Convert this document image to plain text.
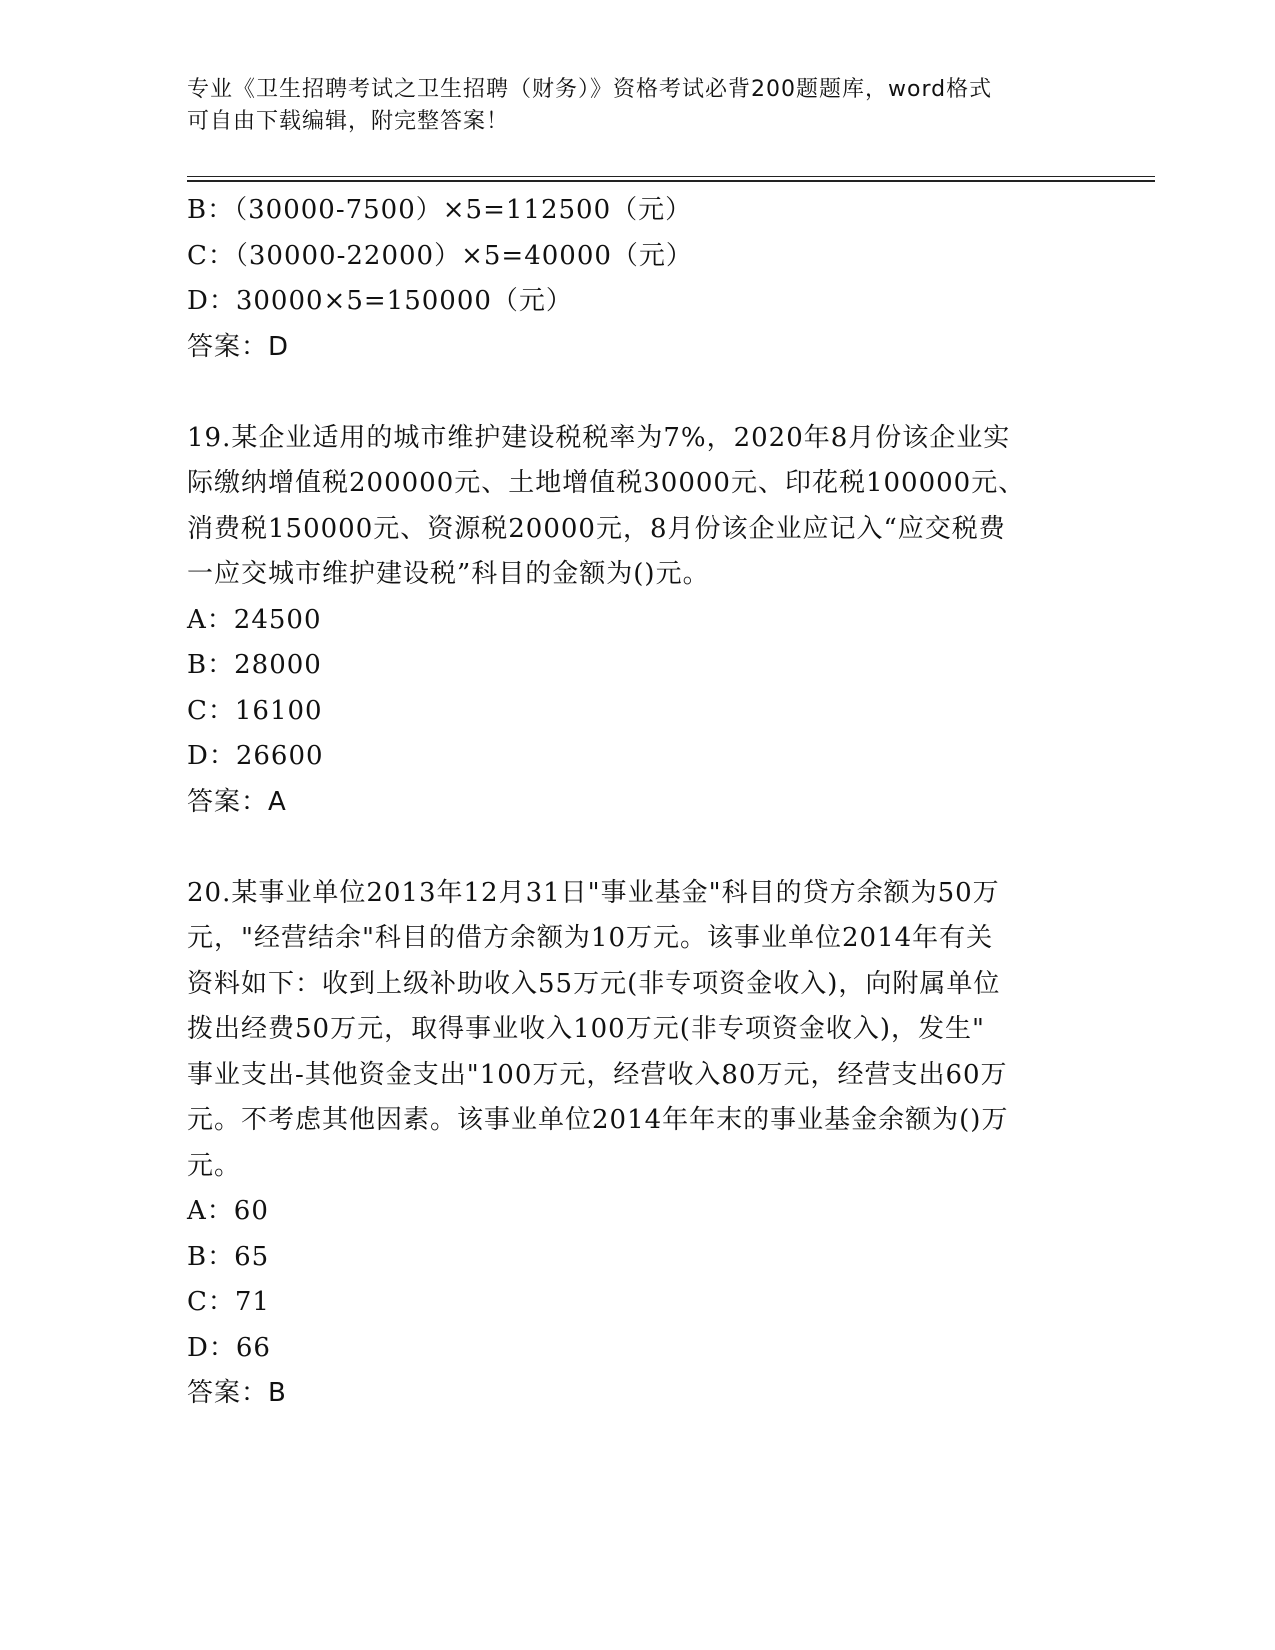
专业《卫生招聘考试之卫生招聘（财务）》资格考试必背200题题库，word格式
可自由下载编辑，附完整答案！
B：（30000-7500）×5=112500（元）
C：（30000-22000）×5=40000（元）
D：30000×5=150000（元）
答案：D
19.某企业适用的城市维护建设税税率为7%，2020年8月份该企业实
际缴纳增值税200000元、土地增值税30000元、印花税100000元、
消费税150000元、资源税20000元，8月份该企业应记入“应交税费
一应交城市维护建设税”科目的金额为()元。
A：24500
B：28000
C：16100
D：26600
答案：A
20.某事业单位2013年12月31日"事业基金"科目的贷方余额为50万
元，"经营结余"科目的借方余额为10万元。该事业单位2014年有关
资料如下：收到上级补助收入55万元(非专项资金收入)，向附属单位
拨出经费50万元，取得事业收入100万元(非专项资金收入)，发生"
事业支出-其他资金支出"100万元，经营收入80万元，经营支出60万
元。不考虑其他因素。该事业单位2014年年末的事业基金余额为()万
元。
A：60
B：65
C：71
D：66
答案：B
